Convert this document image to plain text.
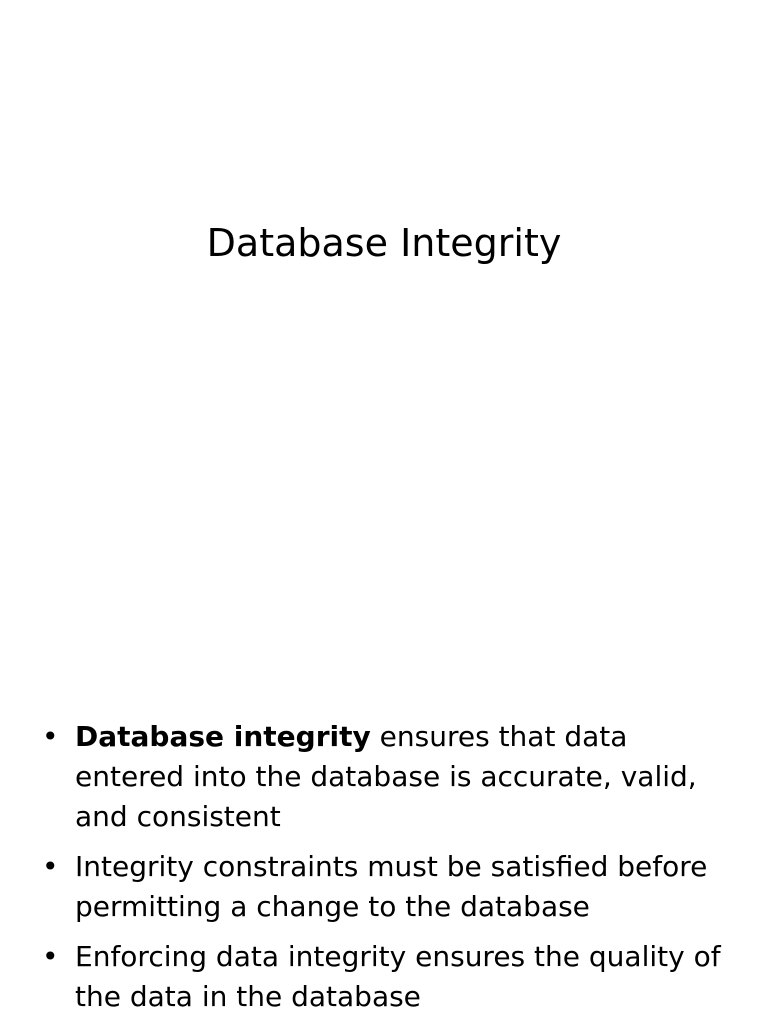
Database Integrity
• Database integrity ensures that data entered into the database is accurate, valid, and consistent
• Integrity constraints must be satisfied before permitting a change to the database
• Enforcing data integrity ensures the quality of the data in the database
